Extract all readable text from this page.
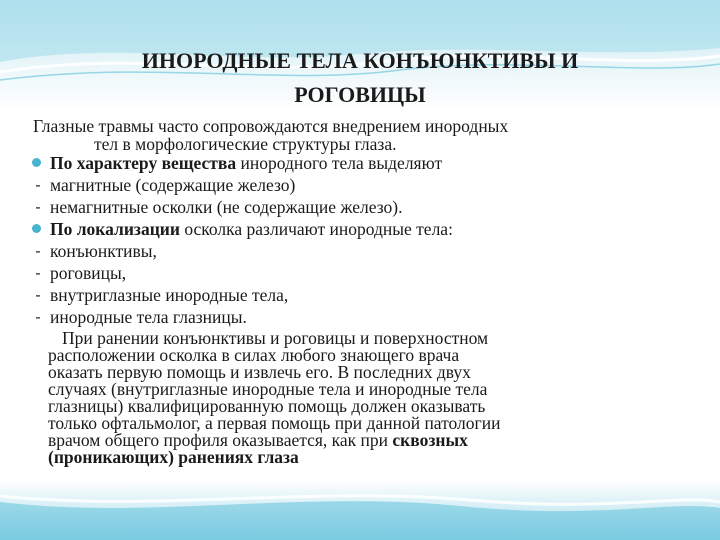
ИНОРОДНЫЕ ТЕЛА КОНЪЮНКТИВЫ И
РОГОВИЦЫ
Глазные травмы часто сопровождаются внедрением инородных
тел в морфологические структуры глаза.
По характеру вещества инородного тела выделяют
- магнитные (содержащие железо)
- немагнитные осколки (не содержащие железо).
По локализации осколка различают инородные тела:
- конъюнктивы,
- роговицы,
- внутриглазные инородные тела,
- инородные тела глазницы.
При ранении конъюнктивы и роговицы и поверхностном
расположении осколка в силах любого знающего врача
оказать первую помощь и извлечь его. В последних двух
случаях (внутриглазные инородные тела и инородные тела
глазницы) квалифицированную помощь должен оказывать
только офтальмолог, а первая помощь при данной патологии
врачом общего профиля оказывается, как при сквозных
(проникающих) ранениях глаза
